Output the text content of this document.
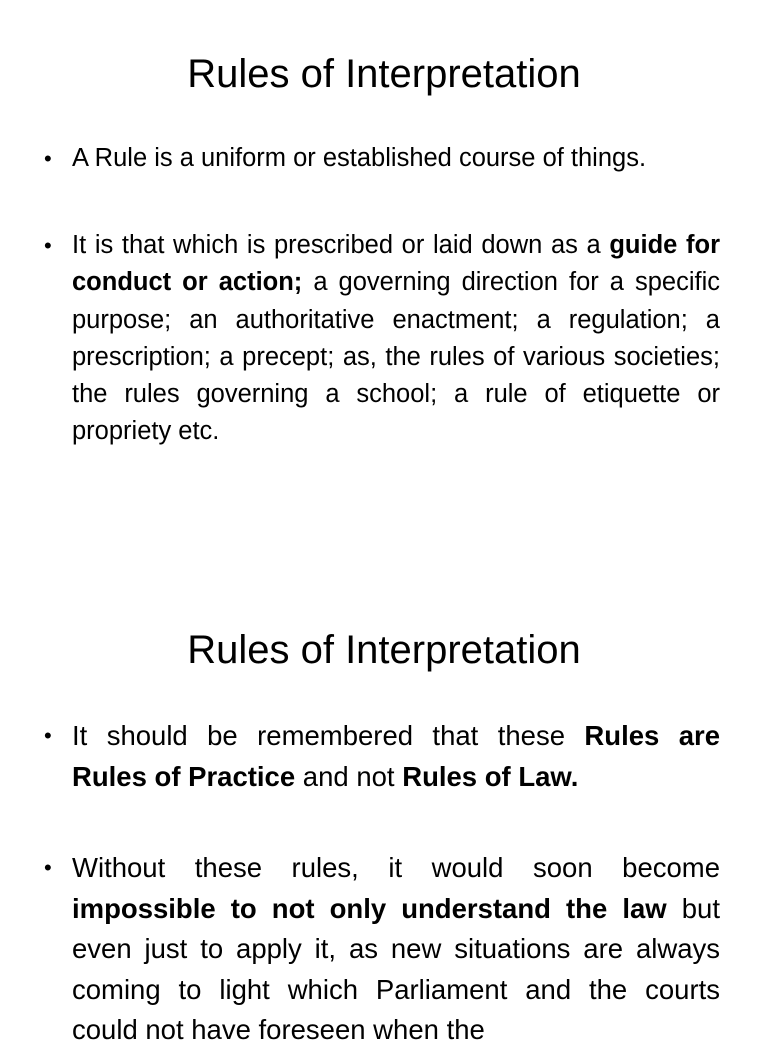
Rules of Interpretation
• A Rule is a uniform or established course of things.

• It is that which is prescribed or laid down as a guide for conduct or action; a governing direction for a specific purpose; an authoritative enactment; a regulation; a prescription; a precept; as, the rules of various societies; the rules governing a school; a rule of etiquette or propriety etc.

Rules of Interpretation
• It should be remembered that these Rules are Rules of Practice and not Rules of Law.

• Without these rules, it would soon become impossible to not only understand the law but even just to apply it, as new situations are always coming to light which Parliament and the courts could not have foreseen when the
